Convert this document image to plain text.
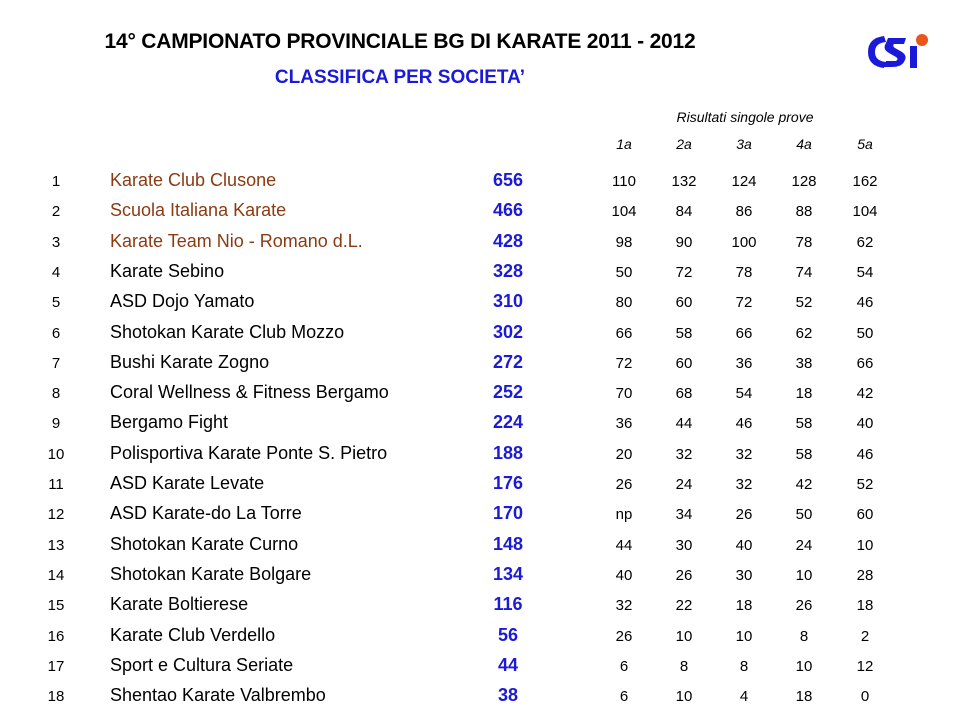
14° CAMPIONATO PROVINCIALE BG DI KARATE 2011 - 2012
CLASSIFICA PER SOCIETA’
Risultati singole prove
1a	2a	3a	4a	5a
1	Karate Club Clusone	656	110	132	124	128	162
2	Scuola Italiana Karate	466	104	84	86	88	104
3	Karate Team Nio - Romano d.L.	428	98	90	100	78	62
4	Karate Sebino	328	50	72	78	74	54
5	ASD Dojo Yamato	310	80	60	72	52	46
6	Shotokan Karate Club Mozzo	302	66	58	66	62	50
7	Bushi Karate Zogno	272	72	60	36	38	66
8	Coral Wellness & Fitness Bergamo	252	70	68	54	18	42
9	Bergamo Fight	224	36	44	46	58	40
10	Polisportiva Karate Ponte S. Pietro	188	20	32	32	58	46
11	ASD Karate Levate	176	26	24	32	42	52
12	ASD Karate-do La Torre	170	np	34	26	50	60
13	Shotokan Karate Curno	148	44	30	40	24	10
14	Shotokan Karate Bolgare	134	40	26	30	10	28
15	Karate Boltierese	116	32	22	18	26	18
16	Karate Club Verdello	56	26	10	10	8	2
17	Sport e Cultura Seriate	44	6	8	8	10	12
18	Shentao Karate Valbrembo	38	6	10	4	18	0
